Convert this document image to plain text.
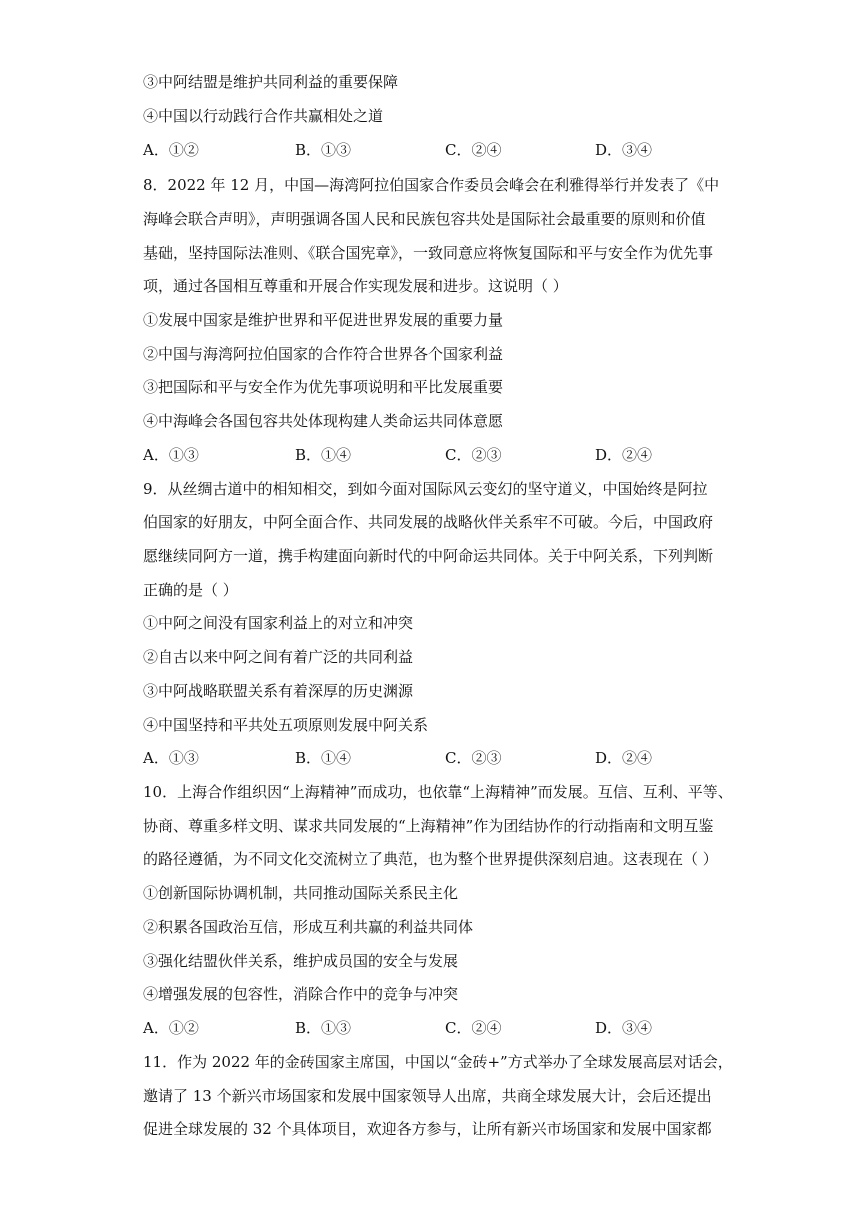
③中阿结盟是维护共同利益的重要保障
④中国以行动践行合作共赢相处之道
A．①②	B．①③	C．②④	D．③④
8．2022 年 12 月，中国—海湾阿拉伯国家合作委员会峰会在利雅得举行并发表了《中
海峰会联合声明》，声明强调各国人民和民族包容共处是国际社会最重要的原则和价值
基础，坚持国际法准则、《联合国宪章》，一致同意应将恢复国际和平与安全作为优先事
项，通过各国相互尊重和开展合作实现发展和进步。这说明（ ）
①发展中国家是维护世界和平促进世界发展的重要力量
②中国与海湾阿拉伯国家的合作符合世界各个国家利益
③把国际和平与安全作为优先事项说明和平比发展重要
④中海峰会各国包容共处体现构建人类命运共同体意愿
A．①③	B．①④	C．②③	D．②④
9．从丝绸古道中的相知相交，到如今面对国际风云变幻的坚守道义，中国始终是阿拉
伯国家的好朋友，中阿全面合作、共同发展的战略伙伴关系牢不可破。今后，中国政府
愿继续同阿方一道，携手构建面向新时代的中阿命运共同体。关于中阿关系，下列判断
正确的是（ ）
①中阿之间没有国家利益上的对立和冲突
②自古以来中阿之间有着广泛的共同利益
③中阿战略联盟关系有着深厚的历史渊源
④中国坚持和平共处五项原则发展中阿关系
A．①③	B．①④	C．②③	D．②④
10．上海合作组织因“上海精神”而成功，也依靠“上海精神”而发展。互信、互利、平等、
协商、尊重多样文明、谋求共同发展的“上海精神”作为团结协作的行动指南和文明互鉴
的路径遵循，为不同文化交流树立了典范，也为整个世界提供深刻启迪。这表现在（ ）
①创新国际协调机制，共同推动国际关系民主化
②积累各国政治互信，形成互利共赢的利益共同体
③强化结盟伙伴关系，维护成员国的安全与发展
④增强发展的包容性，消除合作中的竞争与冲突
A．①②	B．①③	C．②④	D．③④
11．作为 2022 年的金砖国家主席国，中国以“金砖+”方式举办了全球发展高层对话会，
邀请了 13 个新兴市场国家和发展中国家领导人出席，共商全球发展大计，会后还提出
促进全球发展的 32 个具体项目，欢迎各方参与，让所有新兴市场国家和发展中国家都
